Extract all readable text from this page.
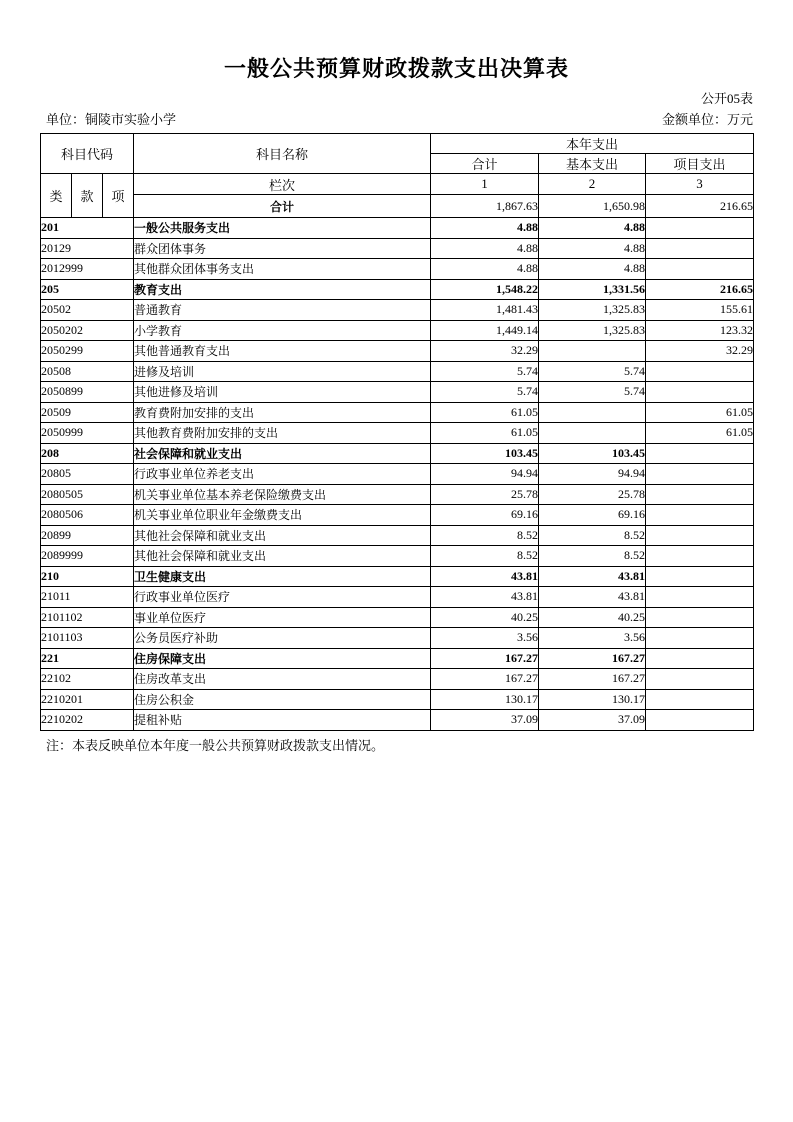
一般公共预算财政拨款支出决算表
公开05表
单位：铜陵市实验小学	金额单位：万元
科目代码			科目名称	本年支出		
				合计	基本支出	项目支出
类	款	项	栏次	1	2	3
			合计	1,867.63	1,650.98	216.65
201			一般公共服务支出	4.88	4.88	
20129			群众团体事务	4.88	4.88	
2012999			其他群众团体事务支出	4.88	4.88	
205			教育支出	1,548.22	1,331.56	216.65
20502			普通教育	1,481.43	1,325.83	155.61
2050202			小学教育	1,449.14	1,325.83	123.32
2050299			其他普通教育支出	32.29		32.29
20508			进修及培训	5.74	5.74	
2050899			其他进修及培训	5.74	5.74	
20509			教育费附加安排的支出	61.05		61.05
2050999			其他教育费附加安排的支出	61.05		61.05
208			社会保障和就业支出	103.45	103.45	
20805			行政事业单位养老支出	94.94	94.94	
2080505			机关事业单位基本养老保险缴费支出	25.78	25.78	
2080506			机关事业单位职业年金缴费支出	69.16	69.16	
20899			其他社会保障和就业支出	8.52	8.52	
2089999			其他社会保障和就业支出	8.52	8.52	
210			卫生健康支出	43.81	43.81	
21011			行政事业单位医疗	43.81	43.81	
2101102			事业单位医疗	40.25	40.25	
2101103			公务员医疗补助	3.56	3.56	
221			住房保障支出	167.27	167.27	
22102			住房改革支出	167.27	167.27	
2210201			住房公积金	130.17	130.17	
2210202			提租补贴	37.09	37.09	
注：本表反映单位本年度一般公共预算财政拨款支出情况。
